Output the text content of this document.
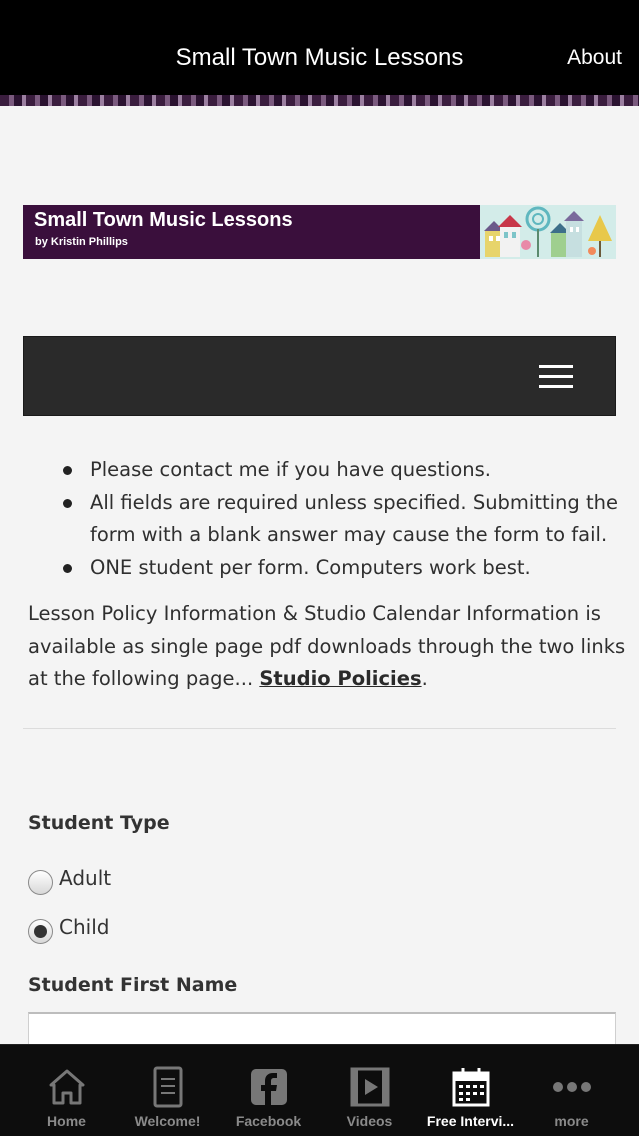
Small Town Music Lessons	About
Small Town Music Lessons
by Kristin Phillips
Please contact me if you have questions.
All fields are required unless specified. Submitting the form with a blank answer may cause the form to fail.
ONE student per form. Computers work best.

Lesson Policy Information & Studio Calendar Information is available as single page pdf downloads through the two links at the following page... Studio Policies.

Student Type
Adult
Child
Student First Name
Home	Welcome!	Facebook	Videos	Free Intervi...	more
